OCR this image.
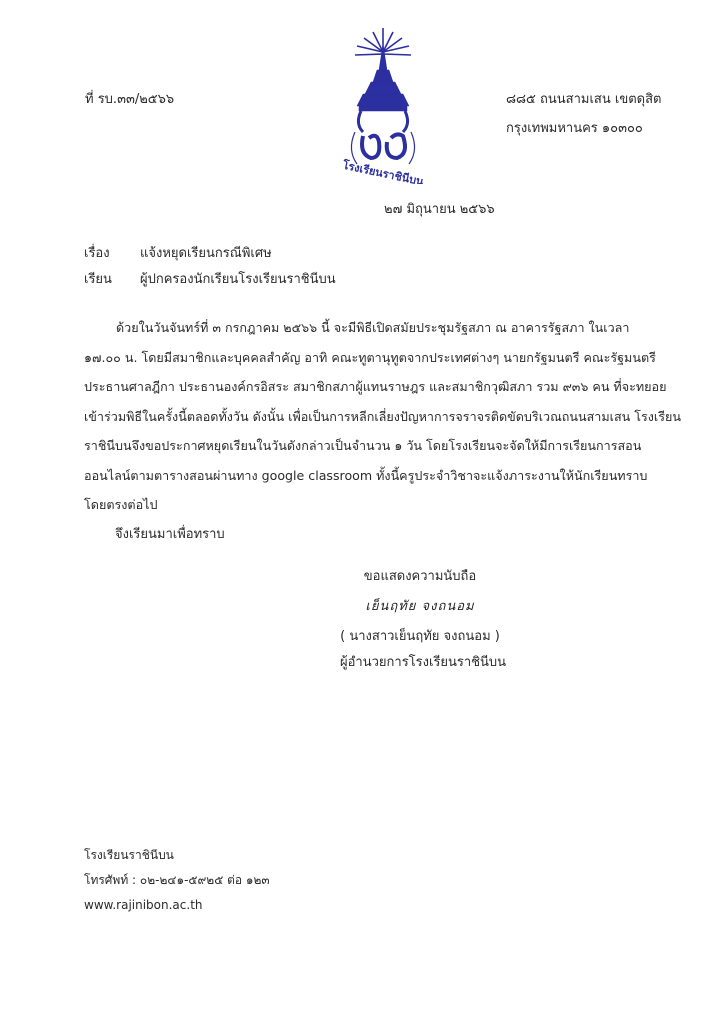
ที่ รบ.๓๓/๒๕๖๖
โรงเรียนราชินีบน
๘๘๕ ถนนสามเสน เขตดุสิต
กรุงเทพมหานคร ๑๐๓๐๐
๒๗ มิถุนายน ๒๕๖๖
เรื่อง แจ้งหยุดเรียนกรณีพิเศษ
เรียน ผู้ปกครองนักเรียนโรงเรียนราชินีบน
ด้วยในวันจันทร์ที่ ๓ กรกฎาคม ๒๕๖๖ นี้ จะมีพิธีเปิดสมัยประชุมรัฐสภา ณ อาคารรัฐสภา ในเวลา
๑๗.๐๐ น. โดยมีสมาชิกและบุคคลสำคัญ อาทิ คณะทูตานุทูตจากประเทศต่างๆ นายกรัฐมนตรี คณะรัฐมนตรี
ประธานศาลฎีกา ประธานองค์กรอิสระ สมาชิกสภาผู้แทนราษฎร และสมาชิกวุฒิสภา รวม ๙๓๖ คน ที่จะทยอย
เข้าร่วมพิธีในครั้งนี้ตลอดทั้งวัน ดังนั้น เพื่อเป็นการหลีกเลี่ยงปัญหาการจราจรติดขัดบริเวณถนนสามเสน โรงเรียน
ราชินีบนจึงขอประกาศหยุดเรียนในวันดังกล่าวเป็นจำนวน ๑ วัน โดยโรงเรียนจะจัดให้มีการเรียนการสอน
ออนไลน์ตามตารางสอนผ่านทาง google classroom ทั้งนี้ครูประจำวิชาจะแจ้งภาระงานให้นักเรียนทราบ
โดยตรงต่อไป
จึงเรียนมาเพื่อทราบ
ขอแสดงความนับถือ
เย็นฤทัย จงถนอม
( นางสาวเย็นฤทัย จงถนอม )
ผู้อำนวยการโรงเรียนราชินีบน
โรงเรียนราชินีบน
โทรศัพท์ : ๐๒-๒๔๑-๕๙๒๕ ต่อ ๑๒๓
www.rajinibon.ac.th
